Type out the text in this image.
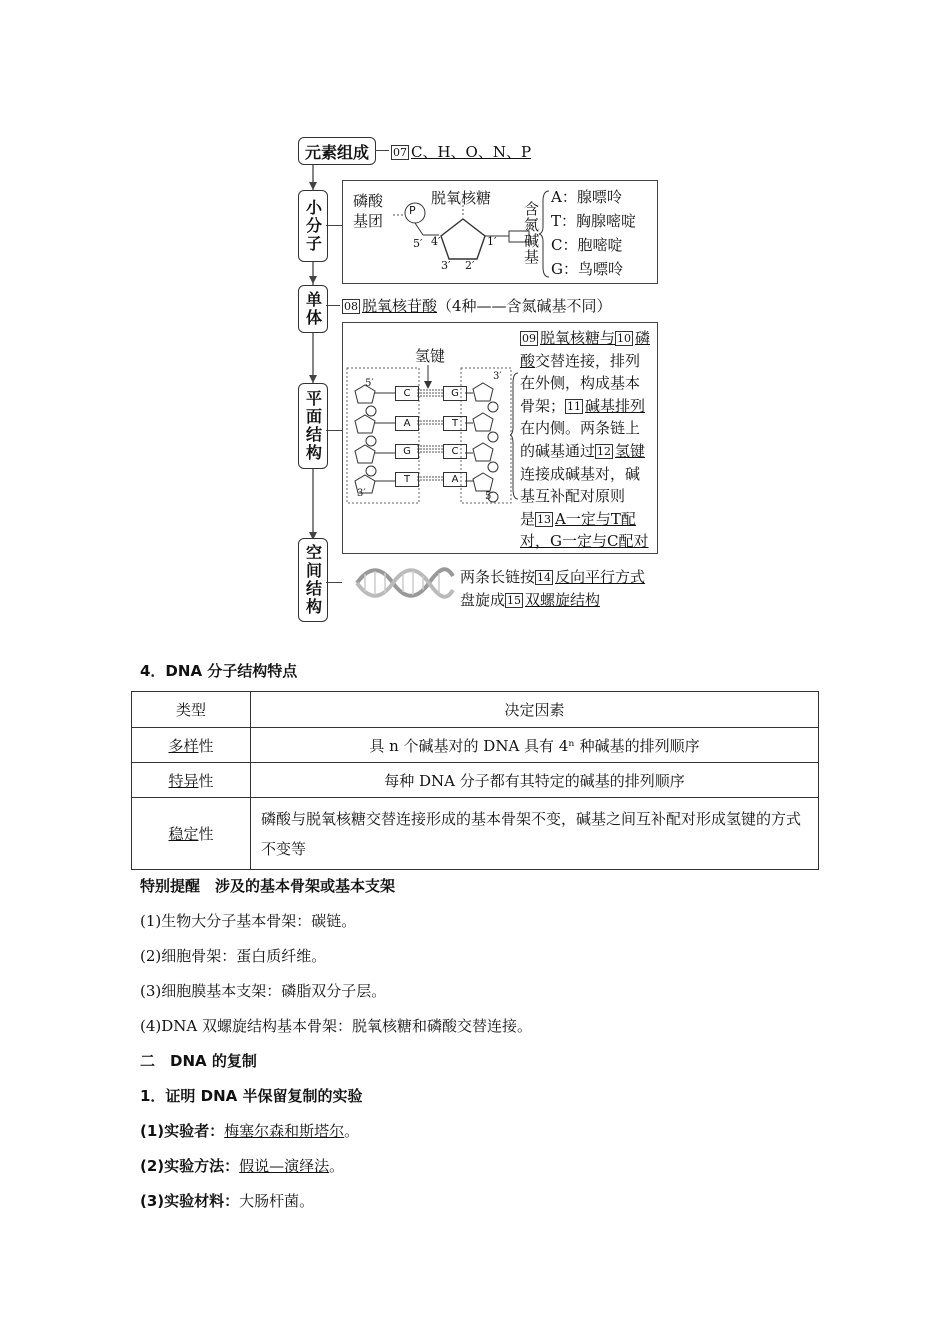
元素组成 07 C、H、O、N、P
小分子 磷酸
基团
脱氧核糖
P
5′ 4′
3′ 2′
1′ 含氮碱基
A：腺嘌呤
T：胸腺嘧啶
C：胞嘧啶
G：鸟嘌呤
单体 08 脱氧核苷酸（4种——含氮碱基不同）
平面结构
氢键
5′
3′
3′	5′
C
A
G
T
G
T
C
A
09 脱氧核糖与 10 磷
酸交替连接，排列
在外侧，构成基本
骨架； 11 碱基排列
在内侧。两条链上
的碱基通过 12 氢键
连接成碱基对，碱
基互补配对原则
是 13 A一定与T配
对，G一定与C配对
空间结构	两条长链按 14 反向平行方式
盘旋成 15 双螺旋结构
4．DNA 分子结构特点
类型	决定因素
多样性	具 n 个碱基对的 DNA 具有 4ⁿ 种碱基的排列顺序
特异性	每种 DNA 分子都有其特定的碱基的排列顺序
稳定性	磷酸与脱氧核糖交替连接形成的基本骨架不变，碱基之间互补配对形成氢键的方式不变等
特别提醒　涉及的基本骨架或基本支架
(1)生物大分子基本骨架：碳链。
(2)细胞骨架：蛋白质纤维。
(3)细胞膜基本支架：磷脂双分子层。
(4)DNA 双螺旋结构基本骨架：脱氧核糖和磷酸交替连接。
二　DNA 的复制
1．证明 DNA 半保留复制的实验
(1)实验者：梅塞尔森和斯塔尔。
(2)实验方法：假说—演绎法。
(3)实验材料：大肠杆菌。
